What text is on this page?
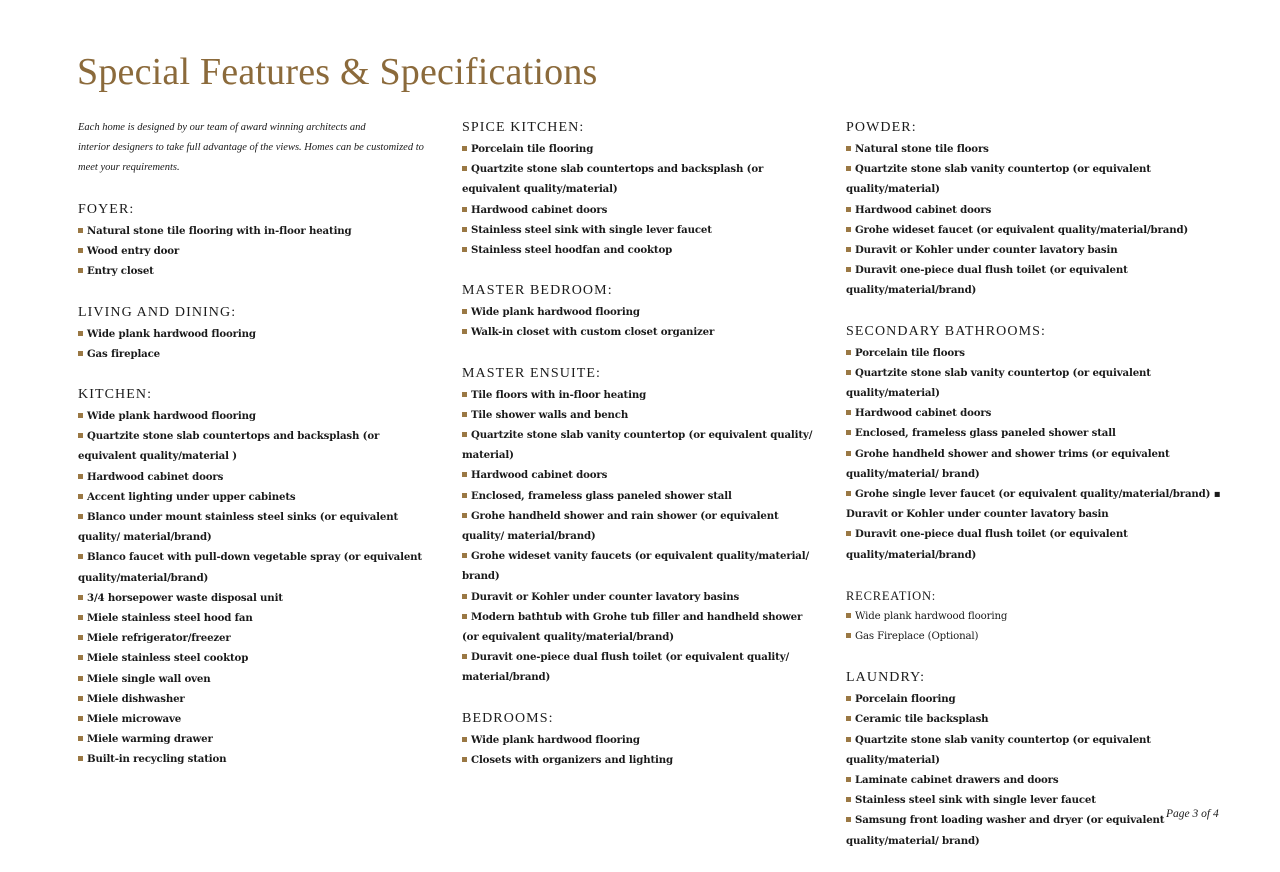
Special Features & Specifications
Each home is designed by our team of award winning architects and
interior designers to take full advantage of the views. Homes can be customized to
meet your requirements.
FOYER:
Natural stone tile flooring with in-floor heating
Wood entry door
Entry closet
LIVING AND DINING:
Wide plank hardwood flooring
Gas fireplace
KITCHEN:
Wide plank hardwood flooring
Quartzite stone slab countertops and backsplash (or equivalent quality/material )
Hardwood cabinet doors
Accent lighting under upper cabinets
Blanco under mount stainless steel sinks (or equivalent quality/ material/brand)
Blanco faucet with pull-down vegetable spray (or equivalent quality/material/brand)
3/4 horsepower waste disposal unit
Miele stainless steel hood fan
Miele refrigerator/freezer
Miele stainless steel cooktop
Miele single wall oven
Miele dishwasher
Miele microwave
Miele warming drawer
Built-in recycling station
SPICE KITCHEN:
Porcelain tile flooring
Quartzite stone slab countertops and backsplash (or equivalent quality/material)
Hardwood cabinet doors
Stainless steel sink with single lever faucet
Stainless steel hoodfan and cooktop
MASTER BEDROOM:
Wide plank hardwood flooring
Walk-in closet with custom closet organizer
MASTER ENSUITE:
Tile floors with in-floor heating
Tile shower walls and bench
Quartzite stone slab vanity countertop (or equivalent quality/ material)
Hardwood cabinet doors
Enclosed, frameless glass paneled shower stall
Grohe handheld shower and rain shower (or equivalent quality/ material/brand)
Grohe wideset vanity faucets (or equivalent quality/material/ brand)
Duravit or Kohler under counter lavatory basins
Modern bathtub with Grohe tub filler and handheld shower (or equivalent quality/material/brand)
Duravit one-piece dual flush toilet (or equivalent quality/ material/brand)
BEDROOMS:
Wide plank hardwood flooring
Closets with organizers and lighting
POWDER:
Natural stone tile floors
Quartzite stone slab vanity countertop (or equivalent quality/material)
Hardwood cabinet doors
Grohe wideset faucet (or equivalent quality/material/brand)
Duravit or Kohler under counter lavatory basin
Duravit one-piece dual flush toilet (or equivalent quality/material/brand)
SECONDARY BATHROOMS:
Porcelain tile floors
Quartzite stone slab vanity countertop (or equivalent quality/material)
Hardwood cabinet doors
Enclosed, frameless glass paneled shower stall
Grohe handheld shower and shower trims (or equivalent quality/material/ brand)
Grohe single lever faucet (or equivalent quality/material/brand) ▪ Duravit or Kohler under counter lavatory basin
Duravit one-piece dual flush toilet (or equivalent quality/material/brand)
RECREATION:
Wide plank hardwood flooring
Gas Fireplace (Optional)
LAUNDRY:
Porcelain flooring
Ceramic tile backsplash
Quartzite stone slab vanity countertop (or equivalent quality/material)
Laminate cabinet drawers and doors
Stainless steel sink with single lever faucet
Samsung front loading washer and dryer (or equivalent quality/material/ brand)
Page 3 of 4
